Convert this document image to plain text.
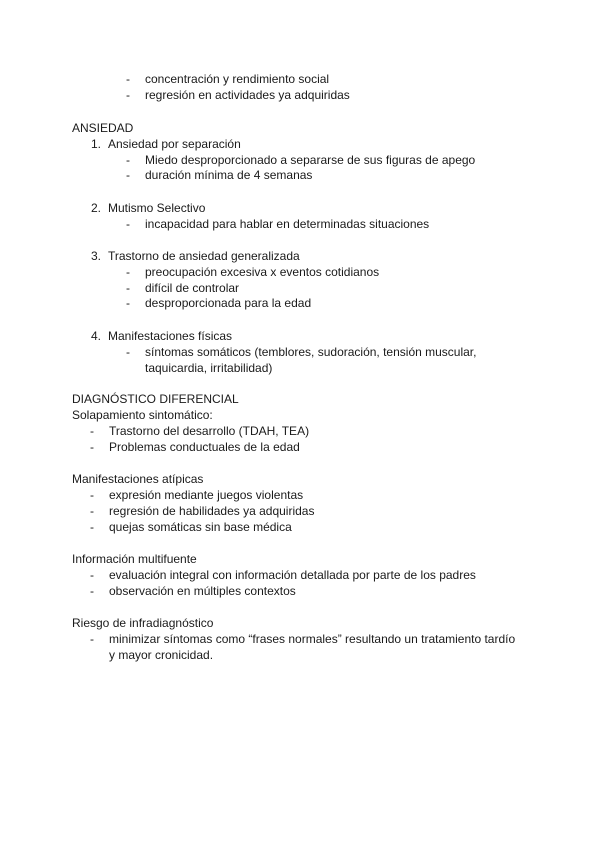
- concentración y rendimiento social
- regresión en actividades ya adquiridas
ANSIEDAD
1. Ansiedad por separación
- Miedo desproporcionado a separarse de sus figuras de apego
- duración mínima de 4 semanas
2. Mutismo Selectivo
- incapacidad para hablar en determinadas situaciones
3. Trastorno de ansiedad generalizada
- preocupación excesiva x eventos cotidianos
- difícil de controlar
- desproporcionada para la edad
4. Manifestaciones físicas
- síntomas somáticos (temblores, sudoración, tensión muscular,
taquicardia, irritabilidad)
DIAGNÓSTICO DIFERENCIAL
Solapamiento sintomático:
- Trastorno del desarrollo (TDAH, TEA)
- Problemas conductuales de la edad
Manifestaciones atípicas
- expresión mediante juegos violentas
- regresión de habilidades ya adquiridas
- quejas somáticas sin base médica
Información multifuente
- evaluación integral con información detallada por parte de los padres
- observación en múltiples contextos
Riesgo de infradiagnóstico
- minimizar síntomas como “frases normales” resultando un tratamiento tardío
y mayor cronicidad.
